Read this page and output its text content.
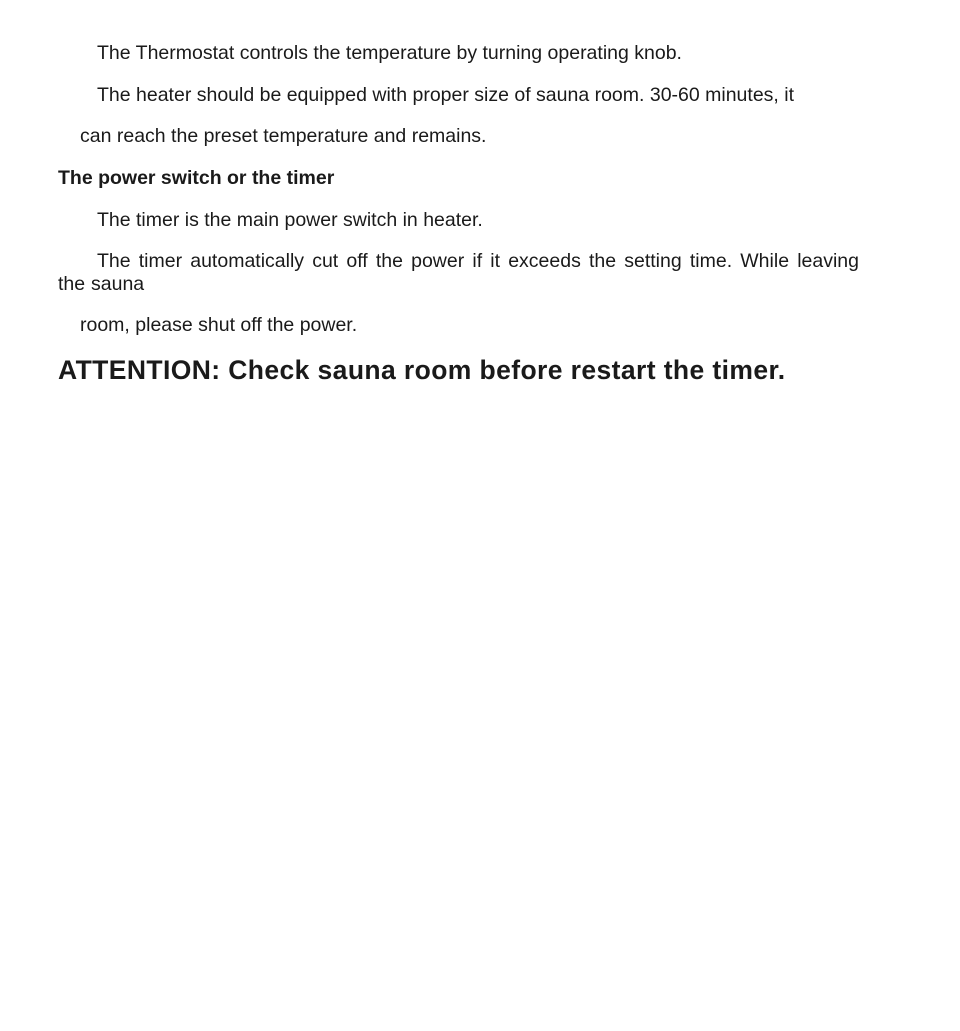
The Thermostat controls the temperature by turning operating knob.

The heater should be equipped with proper size of sauna room. 30-60 minutes, it

can reach the preset temperature and remains.

The power switch or the timer

The timer is the main power switch in heater.

The timer automatically cut off the power if it exceeds the setting time. While leaving the sauna

room, please shut off the power.

ATTENTION: Check sauna room before restart the timer.
